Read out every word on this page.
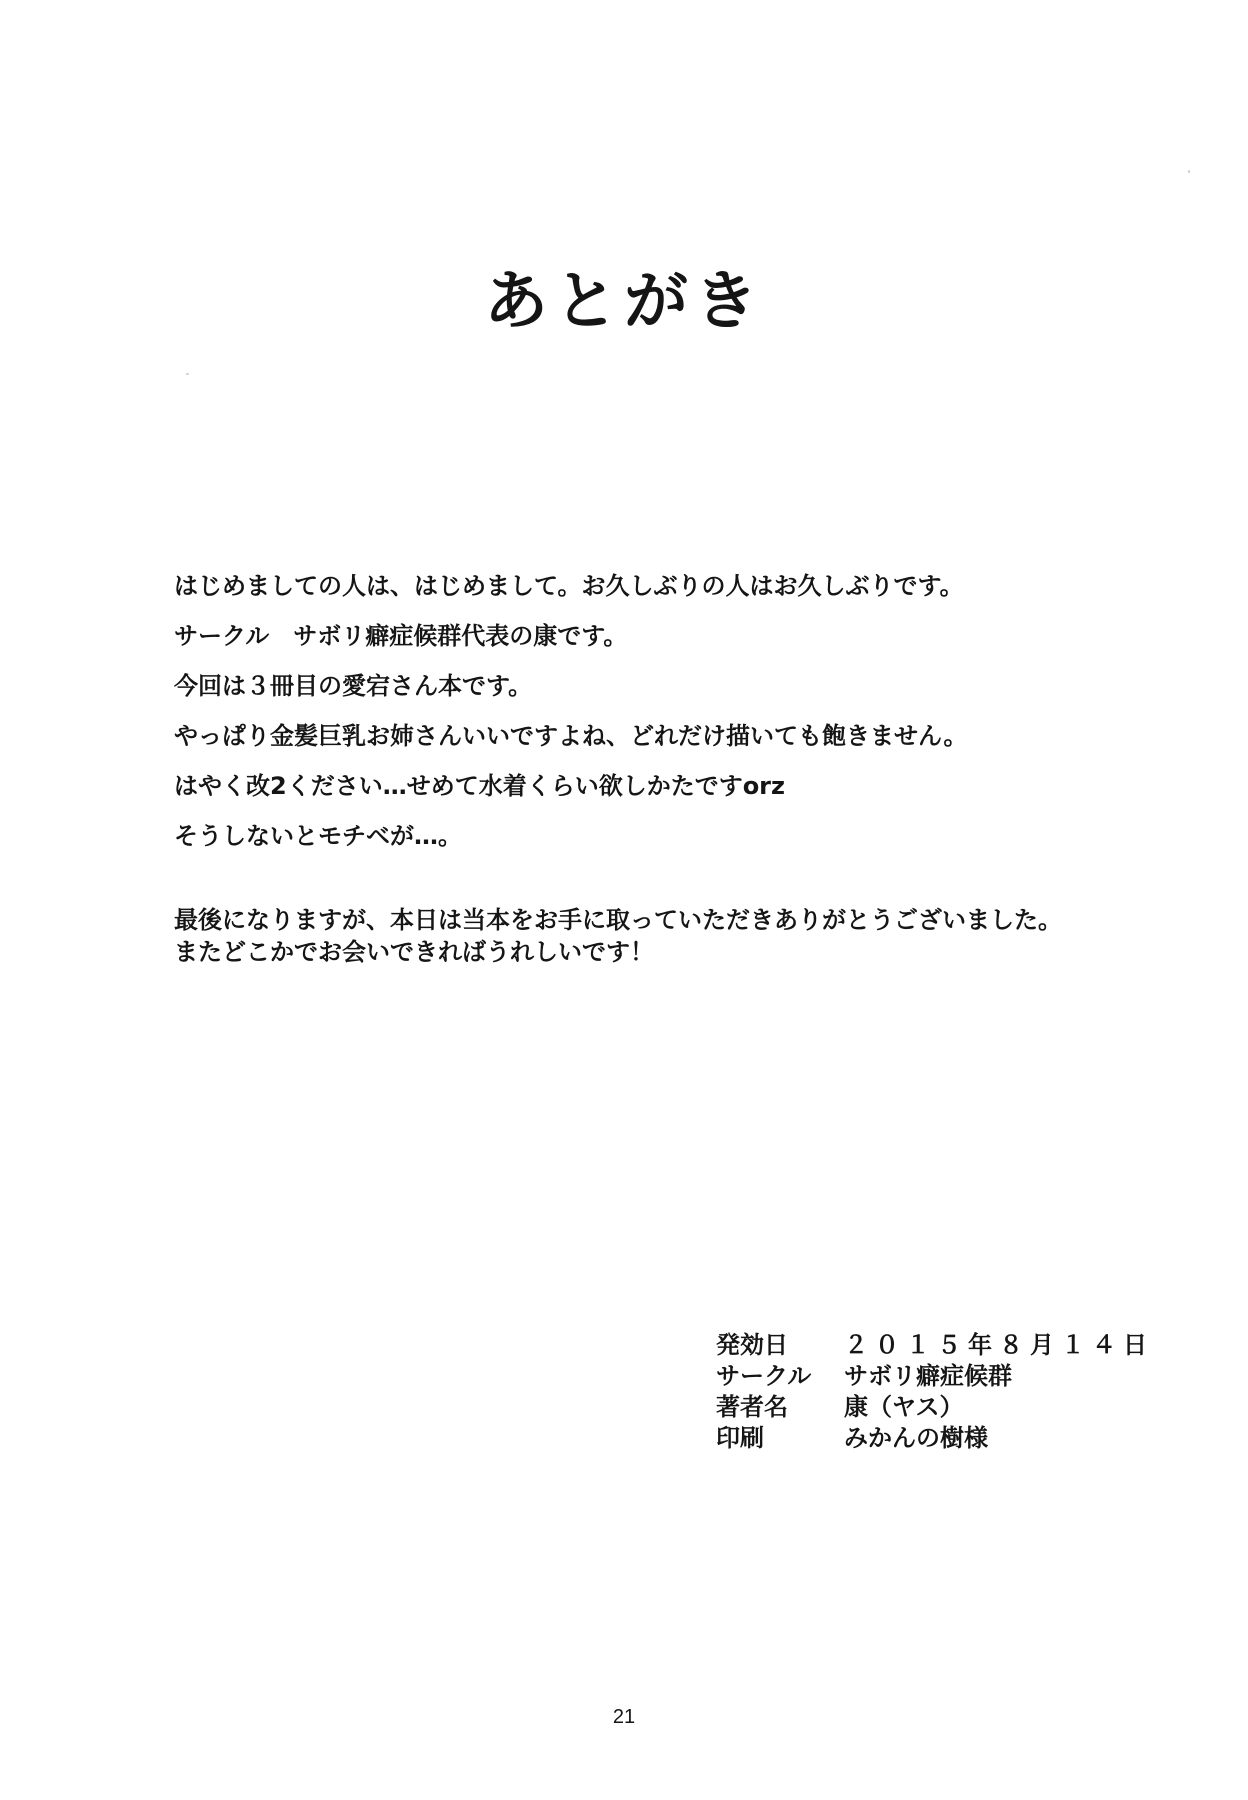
あとがき

はじめましての人は、はじめまして。お久しぶりの人はお久しぶりです。

サークル　サボリ癖症候群代表の康です。

今回は３冊目の愛宕さん本です。

やっぱり金髪巨乳お姉さんいいですよね、どれだけ描いても飽きません。

はやく改2ください…せめて水着くらい欲しかたですorz

そうしないとモチベが…。

最後になりますが、本日は当本をお手に取っていただきありがとうございました。

またどこかでお会いできればうれしいです！

発効日	２０１５年８月１４日
サークル	サボリ癖症候群
著者名	康（ヤス）
印刷	みかんの樹様
21
